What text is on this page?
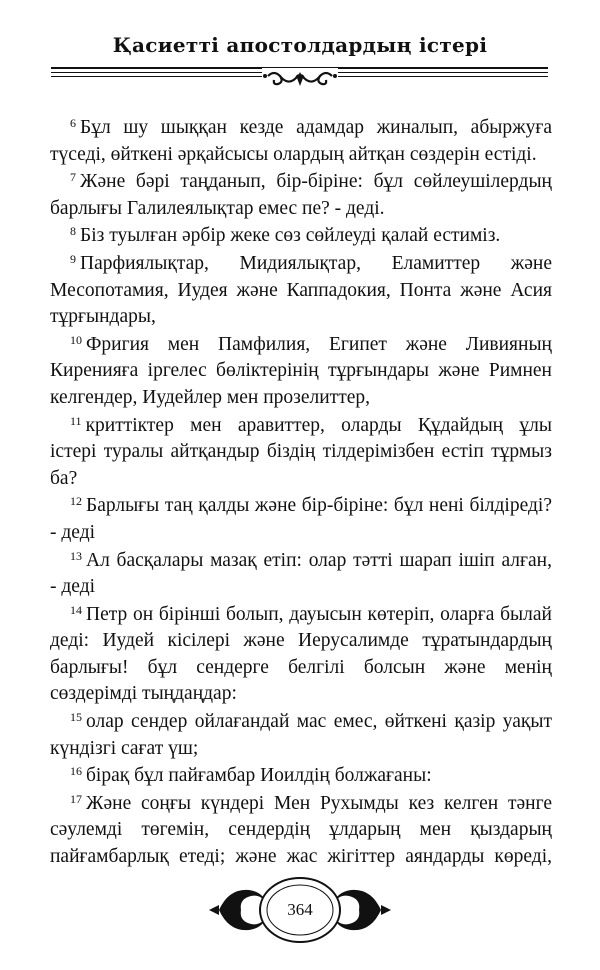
Қасиетті апостолдардың істері
$^6$ Бұл шу шыққан кезде адамдар жиналып, абыржуға
түседі, өйткені әрқайсысы олардың айтқан сөздерін естіді.
$^7$ Және бәрі таңданып, бір-біріне: бұл сөйлеушілердың
барлығы Галилеялықтар емес пе? - деді.
$^8$ Біз туылған әрбір жеке сөз сөйлеуді қалай естиміз.
$^9$ Парфиялықтар, Мидиялықтар, Еламиттер және
Месопотамия, Иудея және Каппадокия, Понта және Асия
тұрғындары,
$^{10}$ Фригия мен Памфилия, Египет және Ливияның
Киренияға іргелес бөліктерінің тұрғындары және Римнен
келгендер, Иудейлер мен прозелиттер,
$^{11}$ криттіктер мен аравиттер, оларды Құдайдың ұлы
істері туралы айтқандыр біздің тілдерімізбен естіп тұрмыз
ба?
$^{12}$ Барлығы таң қалды және бір-біріне: бұл нені білдіреді?
- деді
$^{13}$ Ал басқалары мазақ етіп: олар тәтті шарап ішіп алған,
- деді
$^{14}$ Петр он бірінші болып, дауысын көтеріп, оларға былай
деді: Иудей кісілері және Иерусалимде тұратындардың
барлығы! бұл сендерге белгілі болсын және менің
сөздерімді тыңдаңдар:
$^{15}$ олар сендер ойлағандай мас емес, өйткені қазір уақыт
күндізгі сағат үш;
$^{16}$ бірақ бұл пайғамбар Иоилдің болжағаны:
$^{17}$ Және соңғы күндері Мен Рухымды кез келген тәнге
сәулемді төгемін, сендердің ұлдарың мен қыздарың
пайғамбарлық етеді; және жас жігіттер аяндарды көреді,
364
